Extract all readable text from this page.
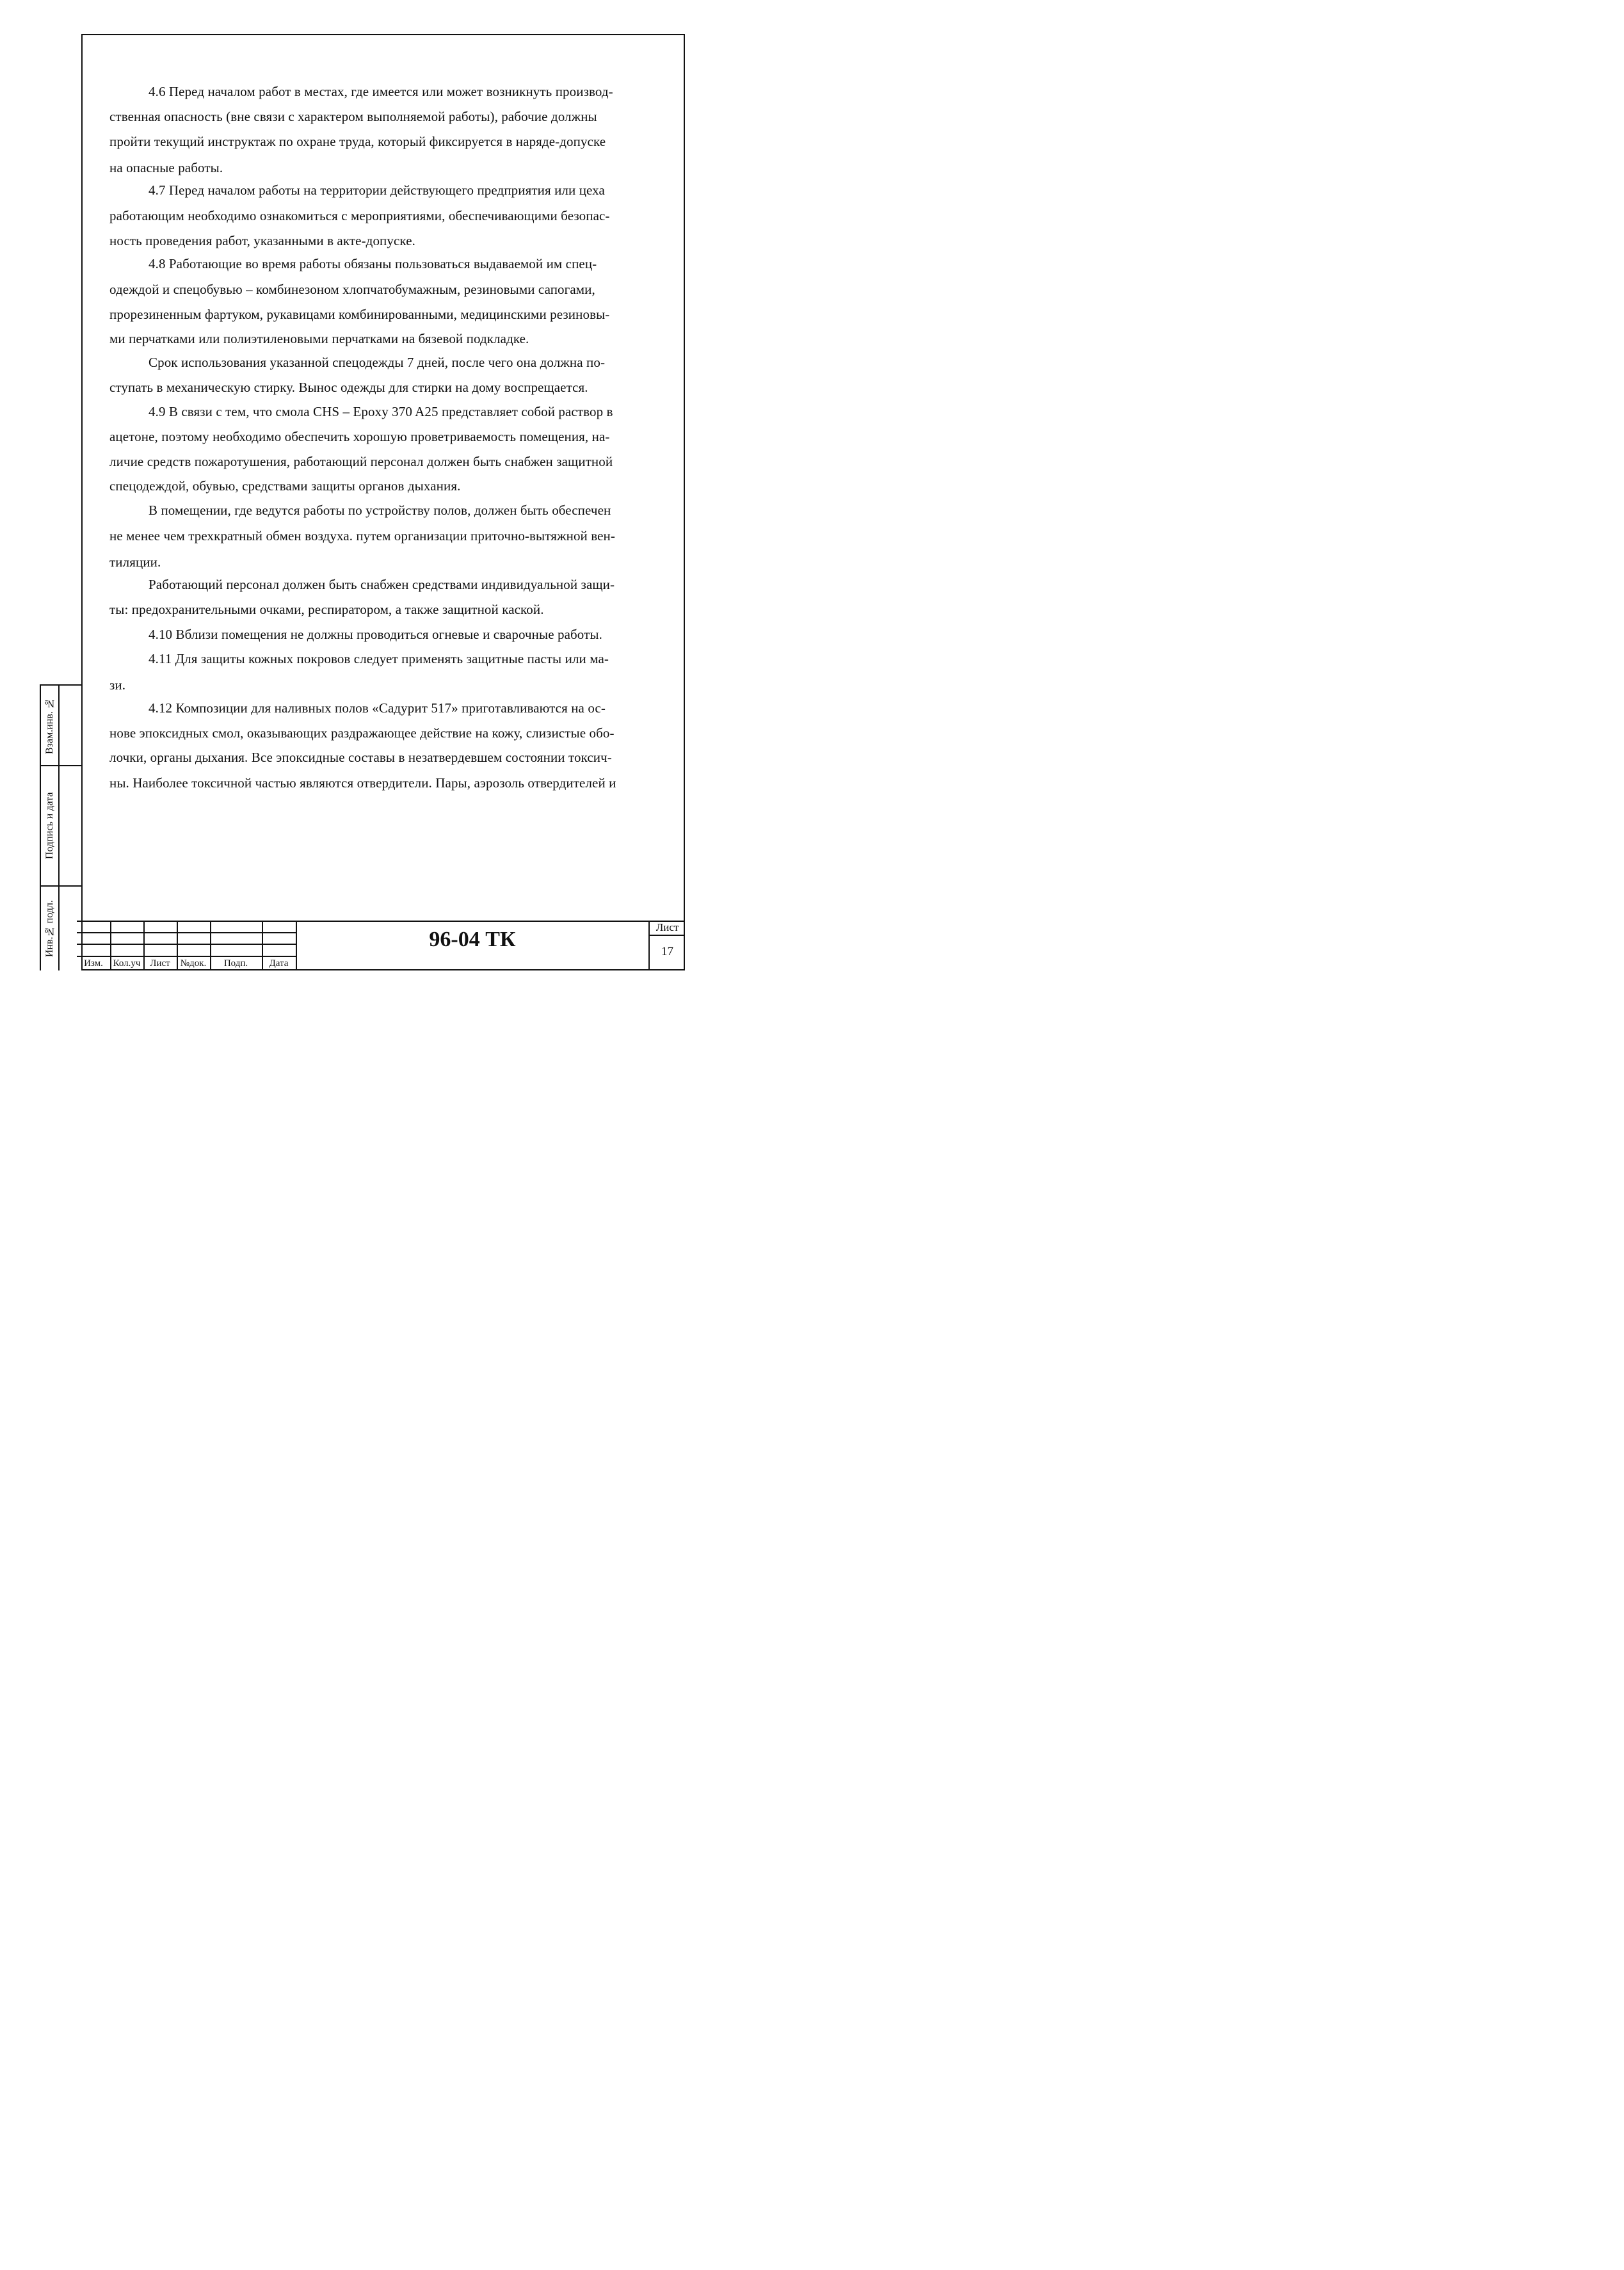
4.6 Перед началом работ в местах, где имеется или может возникнуть производ-
ственная опасность (вне связи с характером выполняемой работы), рабочие должны
пройти текущий инструктаж по охране труда, который фиксируется в наряде-допуске
на опасные работы.
4.7 Перед началом работы на территории действующего предприятия или цеха
работающим необходимо ознакомиться с мероприятиями, обеспечивающими безопас-
ность проведения работ, указанными в акте-допуске.
4.8 Работающие во время работы обязаны пользоваться выдаваемой им спец-
одеждой и спецобувью – комбинезоном хлопчатобумажным, резиновыми сапогами,
прорезиненным фартуком, рукавицами комбинированными, медицинскими резиновы-
ми перчатками или полиэтиленовыми перчатками на бязевой подкладке.
Срок использования указанной спецодежды 7 дней, после чего она должна по-
ступать в механическую стирку. Вынос одежды для стирки на дому воспрещается.
4.9 В связи с тем, что смола CHS – Epoxy 370 A25 представляет собой раствор в
ацетоне, поэтому необходимо обеспечить хорошую проветриваемость помещения, на-
личие средств пожаротушения, работающий персонал должен быть снабжен защитной
спецодеждой, обувью, средствами защиты органов дыхания.
В помещении, где ведутся работы по устройству полов, должен быть обеспечен
не менее чем трехкратный обмен воздуха. путем организации приточно-вытяжной вен-
тиляции.
Работающий персонал должен быть снабжен средствами индивидуальной защи-
ты: предохранительными очками, респиратором, а также защитной каской.
4.10 Вблизи помещения не должны проводиться огневые и сварочные работы.
4.11 Для защиты кожных покровов следует применять защитные пасты или ма-
зи.
4.12 Композиции для наливных полов «Садурит 517» приготавливаются на ос-
нове эпоксидных смол, оказывающих раздражающее действие на кожу, слизистые обо-
лочки, органы дыхания. Все эпоксидные составы в незатвердевшем состоянии токсич-
ны. Наиболее токсичной частью являются отвердители. Пары, аэрозоль отвердителей и
Взам.инв. №
Подпись и дата
Инв.№ подл.
Изм.	Кол.уч Лист	№док.	Подп.	Дата
96-04 ТК
Лист
17
